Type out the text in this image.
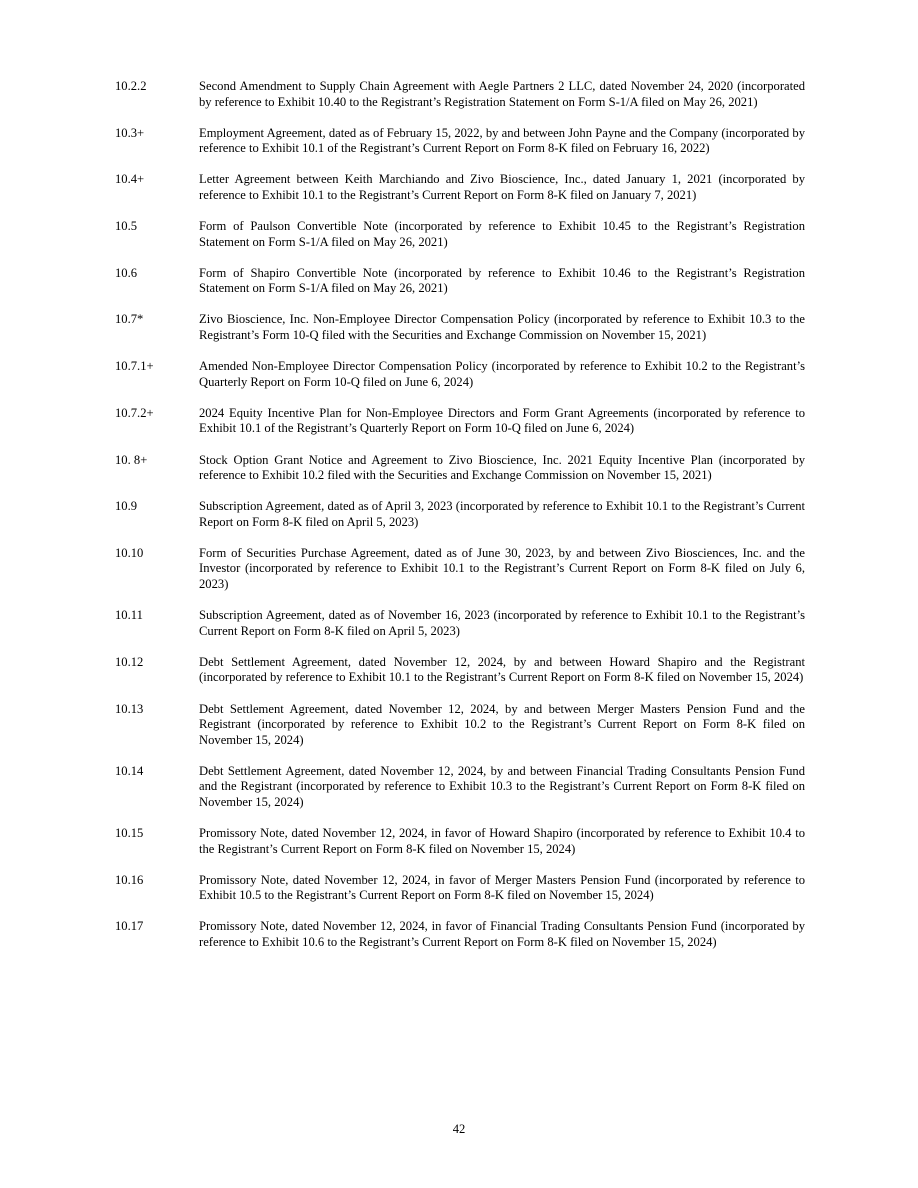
10.2.2	Second Amendment to Supply Chain Agreement with Aegle Partners 2 LLC, dated November 24, 2020 (incorporated by reference to Exhibit 10.40 to the Registrant’s Registration Statement on Form S-1/A filed on May 26, 2021)
10.3+	Employment Agreement, dated as of February 15, 2022, by and between John Payne and the Company (incorporated by reference to Exhibit 10.1 of the Registrant’s Current Report on Form 8-K filed on February 16, 2022)
10.4+	Letter Agreement between Keith Marchiando and Zivo Bioscience, Inc., dated January 1, 2021 (incorporated by reference to Exhibit 10.1 to the Registrant’s Current Report on Form 8-K filed on January 7, 2021)
10.5	Form of Paulson Convertible Note (incorporated by reference to Exhibit 10.45 to the Registrant’s Registration Statement on Form S-1/A filed on May 26, 2021)
10.6	Form of Shapiro Convertible Note (incorporated by reference to Exhibit 10.46 to the Registrant’s Registration Statement on Form S-1/A filed on May 26, 2021)
10.7*	Zivo Bioscience, Inc. Non-Employee Director Compensation Policy (incorporated by reference to Exhibit 10.3 to the Registrant’s Form 10-Q filed with the Securities and Exchange Commission on November 15, 2021)
10.7.1+	Amended Non-Employee Director Compensation Policy (incorporated by reference to Exhibit 10.2 to the Registrant’s Quarterly Report on Form 10-Q filed on June 6, 2024)
10.7.2+	2024 Equity Incentive Plan for Non-Employee Directors and Form Grant Agreements (incorporated by reference to Exhibit 10.1 of the Registrant’s Quarterly Report on Form 10-Q filed on June 6, 2024)
10. 8+	Stock Option Grant Notice and Agreement to Zivo Bioscience, Inc. 2021 Equity Incentive Plan (incorporated by reference to Exhibit 10.2 filed with the Securities and Exchange Commission on November 15, 2021)
10.9	Subscription Agreement, dated as of April 3, 2023 (incorporated by reference to Exhibit 10.1 to the Registrant’s Current Report on Form 8-K filed on April 5, 2023)
10.10	Form of Securities Purchase Agreement, dated as of June 30, 2023, by and between Zivo Biosciences, Inc. and the Investor (incorporated by reference to Exhibit 10.1 to the Registrant’s Current Report on Form 8-K filed on July 6, 2023)
10.11	Subscription Agreement, dated as of November 16, 2023 (incorporated by reference to Exhibit 10.1 to the Registrant’s Current Report on Form 8-K filed on April 5, 2023)
10.12	Debt Settlement Agreement, dated November 12, 2024, by and between Howard Shapiro and the Registrant (incorporated by reference to Exhibit 10.1 to the Registrant’s Current Report on Form 8-K filed on November 15, 2024)
10.13	Debt Settlement Agreement, dated November 12, 2024, by and between Merger Masters Pension Fund and the Registrant (incorporated by reference to Exhibit 10.2 to the Registrant’s Current Report on Form 8-K filed on November 15, 2024)
10.14	Debt Settlement Agreement, dated November 12, 2024, by and between Financial Trading Consultants Pension Fund and the Registrant (incorporated by reference to Exhibit 10.3 to the Registrant’s Current Report on Form 8-K filed on November 15, 2024)
10.15	Promissory Note, dated November 12, 2024, in favor of Howard Shapiro (incorporated by reference to Exhibit 10.4 to the Registrant’s Current Report on Form 8-K filed on November 15, 2024)
10.16	Promissory Note, dated November 12, 2024, in favor of Merger Masters Pension Fund (incorporated by reference to Exhibit 10.5 to the Registrant’s Current Report on Form 8-K filed on November 15, 2024)
10.17	Promissory Note, dated November 12, 2024, in favor of Financial Trading Consultants Pension Fund (incorporated by reference to Exhibit 10.6 to the Registrant’s Current Report on Form 8-K filed on November 15, 2024)
42
